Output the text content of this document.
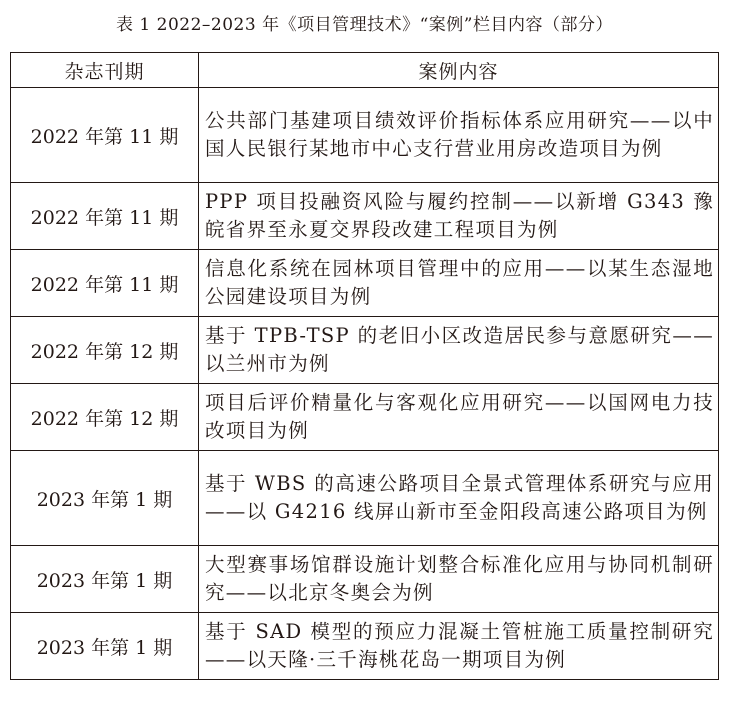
表 1 2022–2023 年《项目管理技术》“案例”栏目内容（部分）
杂志刊期	案例内容
2022 年第 11 期	公共部门基建项目绩效评价指标体系应用研究——以中国人民银行某地市中心支行营业用房改造项目为例
2022 年第 11 期	PPP 项目投融资风险与履约控制——以新增 G343 豫皖省界至永夏交界段改建工程项目为例
2022 年第 11 期	信息化系统在园林项目管理中的应用——以某生态湿地公园建设项目为例
2022 年第 12 期	基于 TPB-TSP 的老旧小区改造居民参与意愿研究——以兰州市为例
2022 年第 12 期	项目后评价精量化与客观化应用研究——以国网电力技改项目为例
2023 年第 1 期	基于 WBS 的高速公路项目全景式管理体系研究与应用——以 G4216 线屏山新市至金阳段高速公路项目为例
2023 年第 1 期	大型赛事场馆群设施计划整合标准化应用与协同机制研究——以北京冬奥会为例
2023 年第 1 期	基于 SAD 模型的预应力混凝土管桩施工质量控制研究——以天隆·三千海桃花岛一期项目为例
